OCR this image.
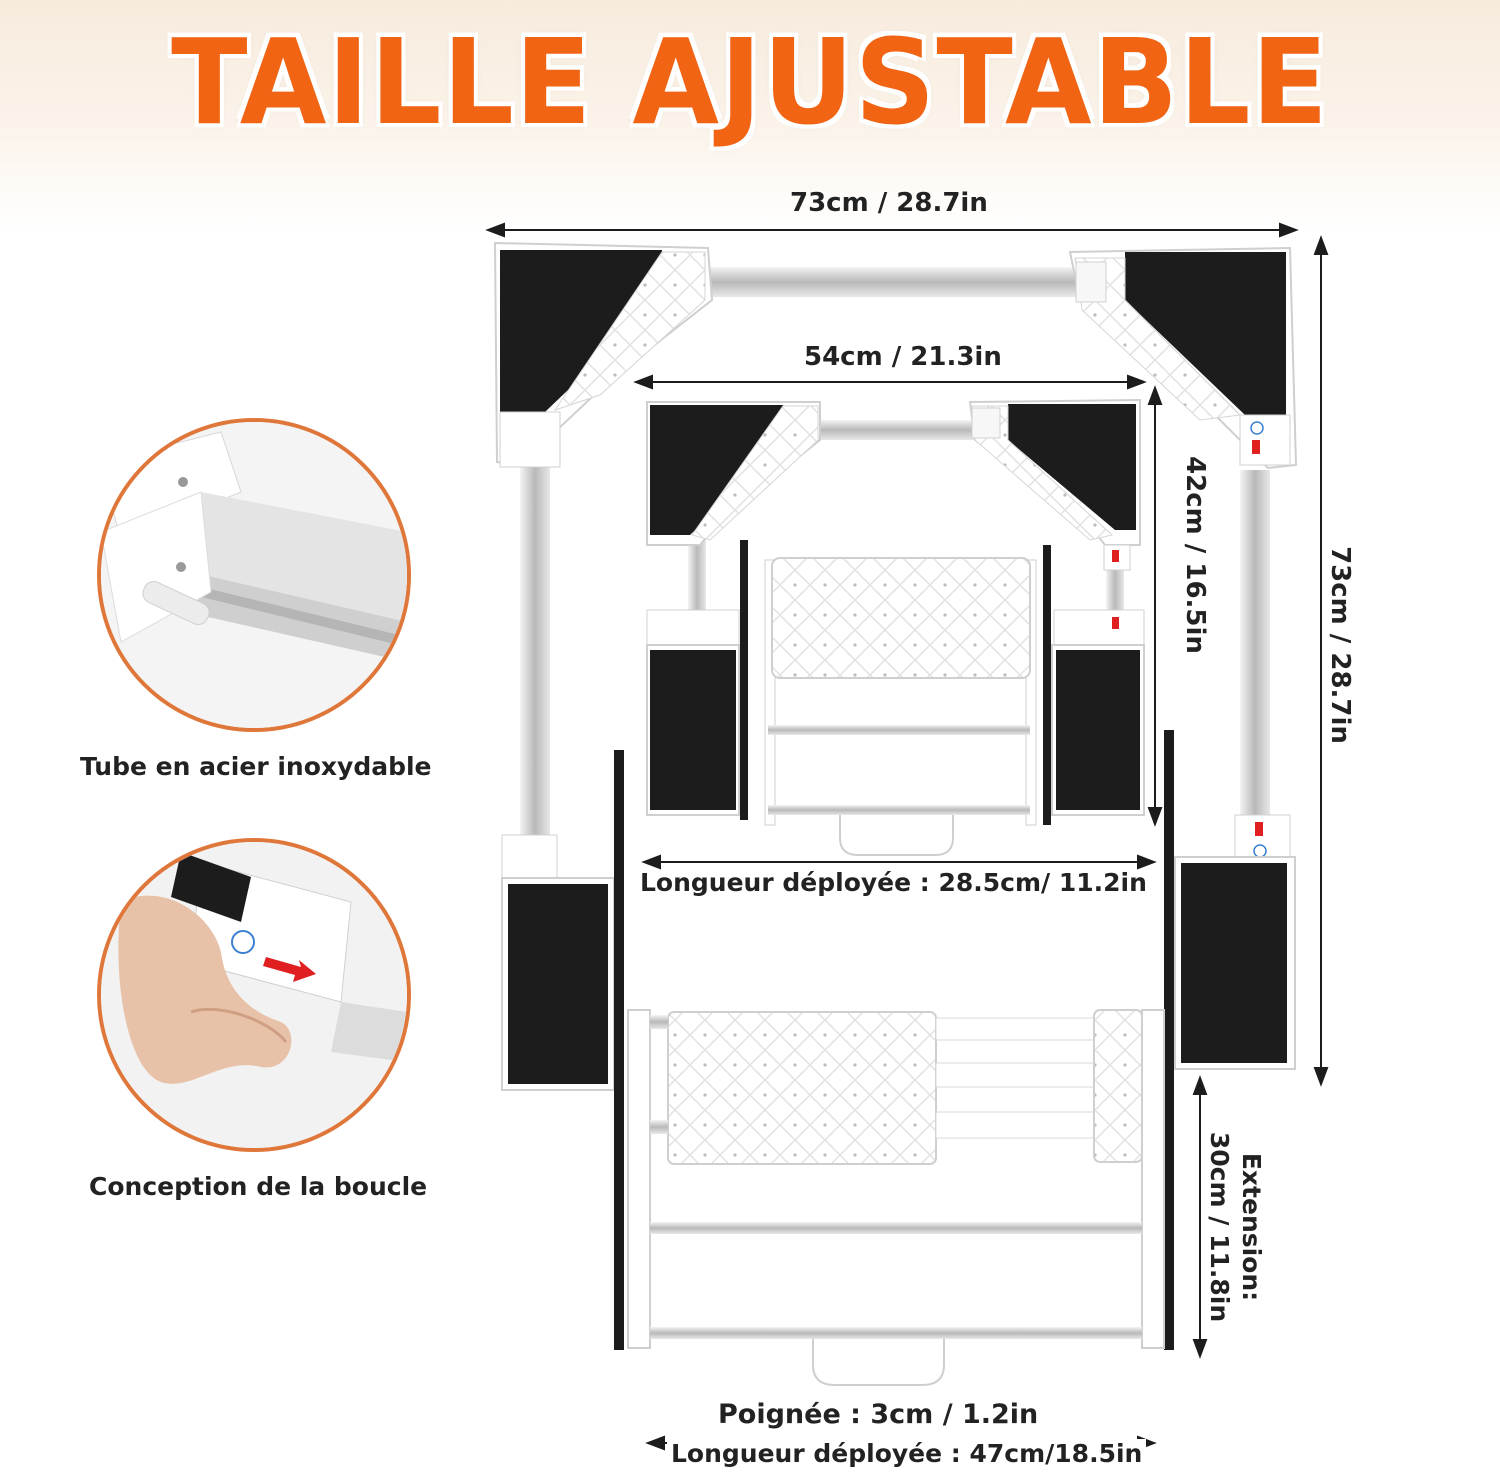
TAILLE AJUSTABLE
Tube en acier inoxydable
Conception de la boucle
73cm / 28.7in
73cm / 28.7in
54cm / 21.3in
42cm / 16.5in
Longueur déployée : 28.5cm/ 11.2in
Extension:
30cm / 11.8in
Poignée : 3cm / 1.2in
Longueur déployée : 47cm/18.5in
